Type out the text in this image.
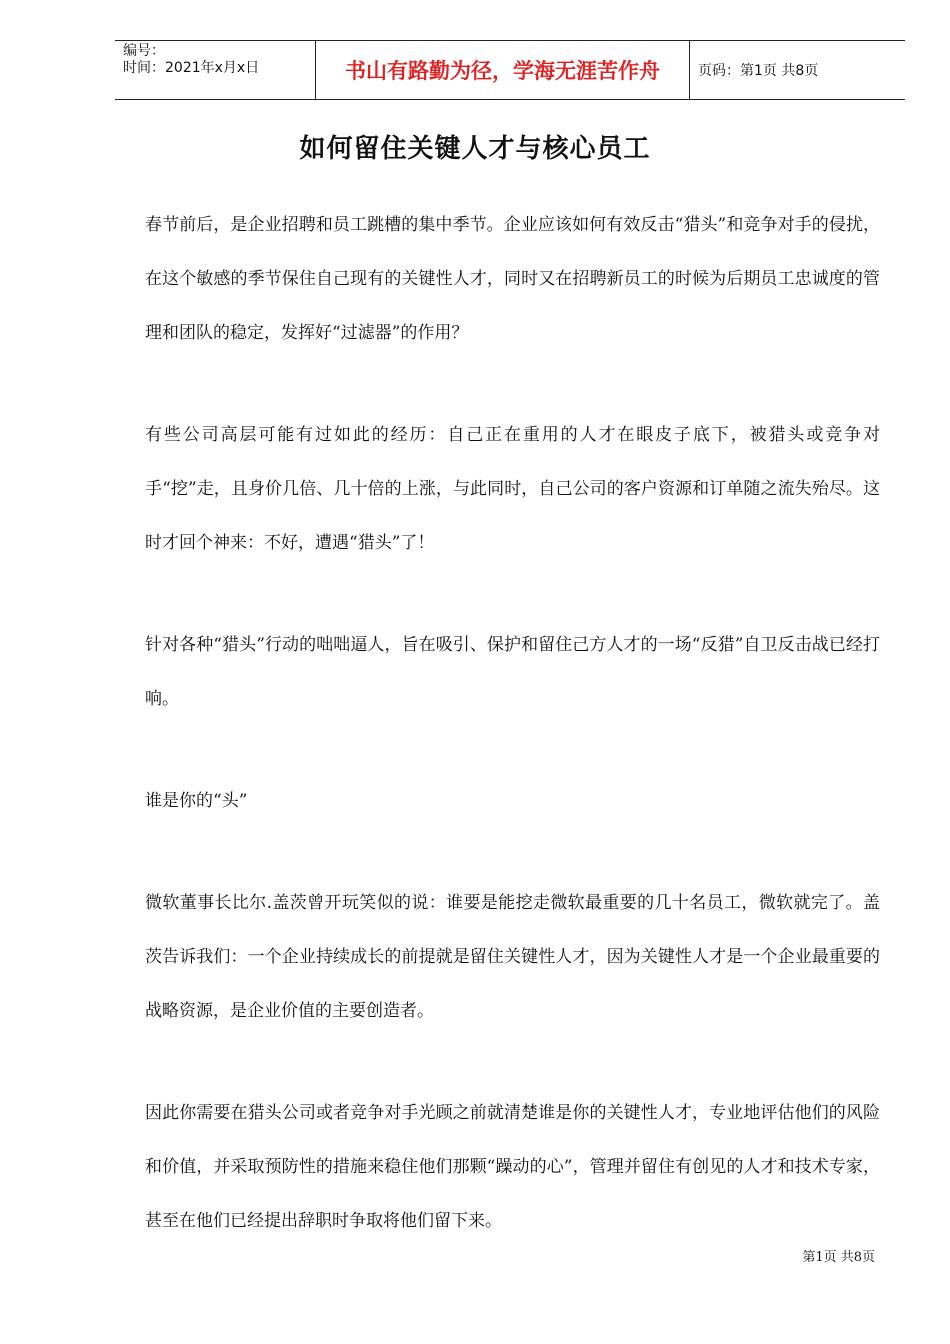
编号：
时间：2021年x月x日	书山有路勤为径，学海无涯苦作舟	页码：第1页 共8页
如何留住关键人才与核心员工

春节前后，是企业招聘和员工跳槽的集中季节。企业应该如何有效反击“猎头”和竞争对手的侵扰，在这个敏感的季节保住自己现有的关键性人才，同时又在招聘新员工的时候为后期员工忠诚度的管理和团队的稳定，发挥好“过滤器”的作用？

有些公司高层可能有过如此的经历：自己正在重用的人才在眼皮子底下，被猎头或竞争对手“挖”走，且身价几倍、几十倍的上涨，与此同时，自己公司的客户资源和订单随之流失殆尽。这时才回个神来：不好，遭遇“猎头”了！

针对各种“猎头”行动的咄咄逼人，旨在吸引、保护和留住己方人才的一场“反猎”自卫反击战已经打响。

谁是你的“头”

微软董事长比尔.盖茨曾开玩笑似的说：谁要是能挖走微软最重要的几十名员工，微软就完了。盖茨告诉我们：一个企业持续成长的前提就是留住关键性人才，因为关键性人才是一个企业最重要的战略资源，是企业价值的主要创造者。

因此你需要在猎头公司或者竞争对手光顾之前就清楚谁是你的关键性人才，专业地评估他们的风险和价值，并采取预防性的措施来稳住他们那颗“躁动的心”，管理并留住有创见的人才和技术专家，甚至在他们已经提出辞职时争取将他们留下来。

第1页 共8页
